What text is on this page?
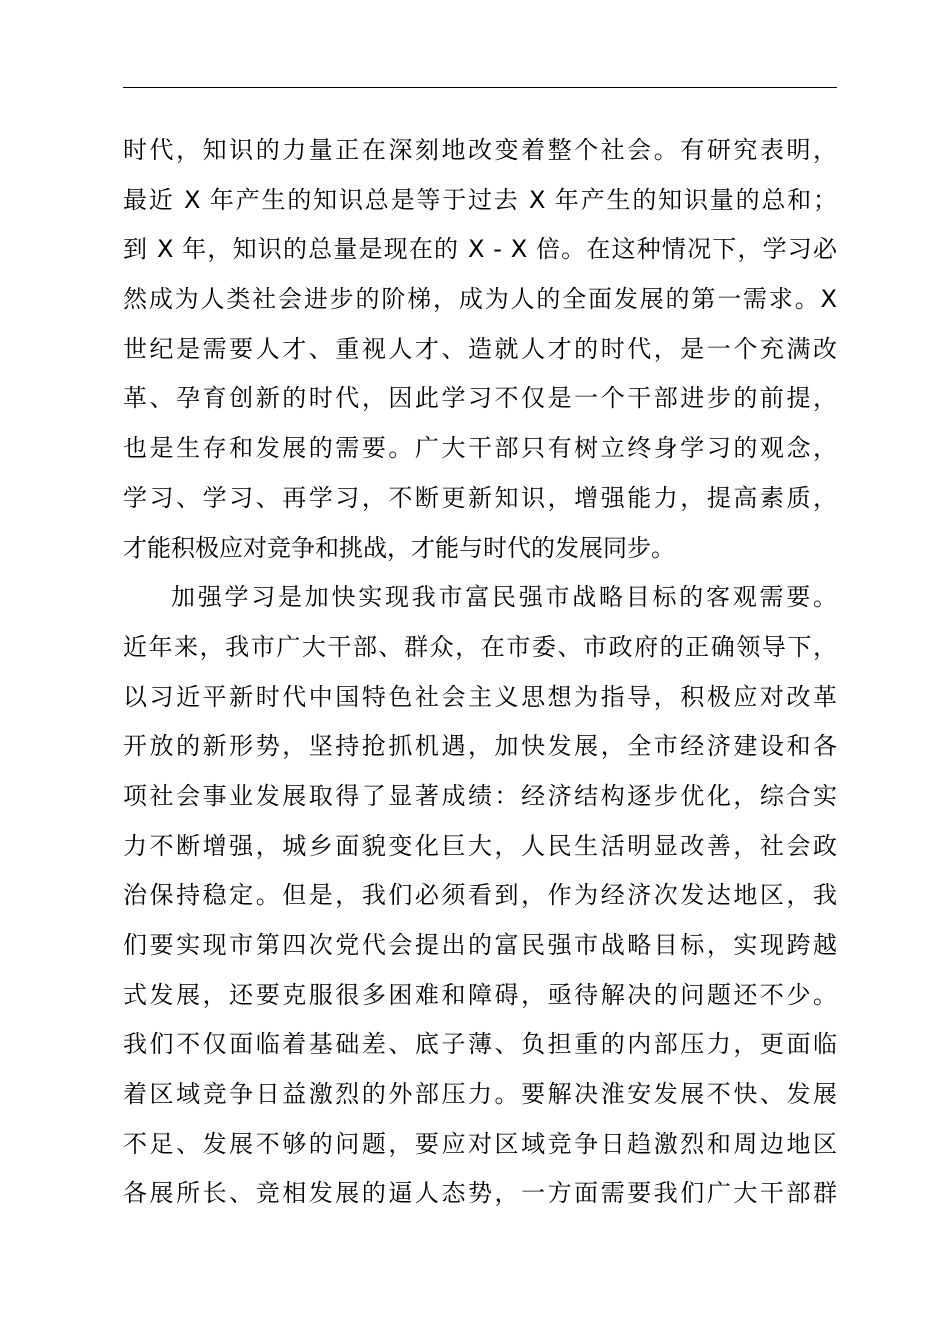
时代，知识的力量正在深刻地改变着整个社会。有研究表明，
最近 X 年产生的知识总是等于过去 X 年产生的知识量的总和；
到 X 年，知识的总量是现在的 X - X 倍。在这种情况下，学习必
然成为人类社会进步的阶梯，成为人的全面发展的第一需求。X
世纪是需要人才、重视人才、造就人才的时代，是一个充满改
革、孕育创新的时代，因此学习不仅是一个干部进步的前提，
也是生存和发展的需要。广大干部只有树立终身学习的观念，
学习、学习、再学习，不断更新知识，增强能力，提高素质，
才能积极应对竞争和挑战，才能与时代的发展同步。
加强学习是加快实现我市富民强市战略目标的客观需要。
近年来，我市广大干部、群众，在市委、市政府的正确领导下，
以习近平新时代中国特色社会主义思想为指导，积极应对改革
开放的新形势，坚持抢抓机遇，加快发展，全市经济建设和各
项社会事业发展取得了显著成绩：经济结构逐步优化，综合实
力不断增强，城乡面貌变化巨大，人民生活明显改善，社会政
治保持稳定。但是，我们必须看到，作为经济次发达地区，我
们要实现市第四次党代会提出的富民强市战略目标，实现跨越
式发展，还要克服很多困难和障碍，亟待解决的问题还不少。
我们不仅面临着基础差、底子薄、负担重的内部压力，更面临
着区域竞争日益激烈的外部压力。要解决淮安发展不快、发展
不足、发展不够的问题，要应对区域竞争日趋激烈和周边地区
各展所长、竞相发展的逼人态势，一方面需要我们广大干部群
